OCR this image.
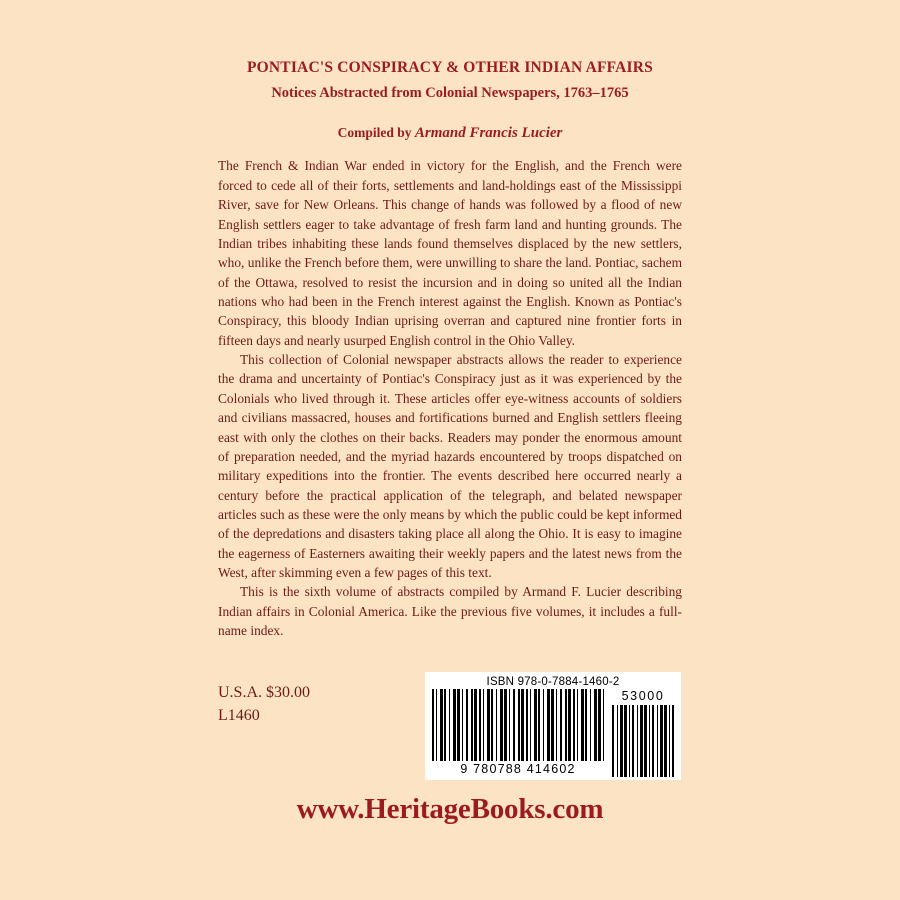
PONTIAC'S CONSPIRACY & OTHER INDIAN AFFAIRS
Notices Abstracted from Colonial Newspapers, 1763–1765
Compiled by Armand Francis Lucier

The French & Indian War ended in victory for the English, and the French were forced to cede all of their forts, settlements and land-holdings east of the Mississippi River, save for New Orleans. This change of hands was followed by a flood of new English settlers eager to take advantage of fresh farm land and hunting grounds. The Indian tribes inhabiting these lands found themselves displaced by the new settlers, who, unlike the French before them, were unwilling to share the land. Pontiac, sachem of the Ottawa, resolved to resist the incursion and in doing so united all the Indian nations who had been in the French interest against the English. Known as Pontiac's Conspiracy, this bloody Indian uprising overran and captured nine frontier forts in fifteen days and nearly usurped English control in the Ohio Valley.

This collection of Colonial newspaper abstracts allows the reader to experience the drama and uncertainty of Pontiac's Conspiracy just as it was experienced by the Colonials who lived through it. These articles offer eye-witness accounts of soldiers and civilians massacred, houses and fortifications burned and English settlers fleeing east with only the clothes on their backs. Readers may ponder the enormous amount of preparation needed, and the myriad hazards encountered by troops dispatched on military expeditions into the frontier. The events described here occurred nearly a century before the practical application of the telegraph, and belated newspaper articles such as these were the only means by which the public could be kept informed of the depredations and disasters taking place all along the Ohio. It is easy to imagine the eagerness of Easterners awaiting their weekly papers and the latest news from the West, after skimming even a few pages of this text.

This is the sixth volume of abstracts compiled by Armand F. Lucier describing Indian affairs in Colonial America. Like the previous five volumes, it includes a full-name index.

U.S.A. $30.00
L1460
ISBN 978-0-7884-1460-2
9 780788 414602
53000
www.HeritageBooks.com
